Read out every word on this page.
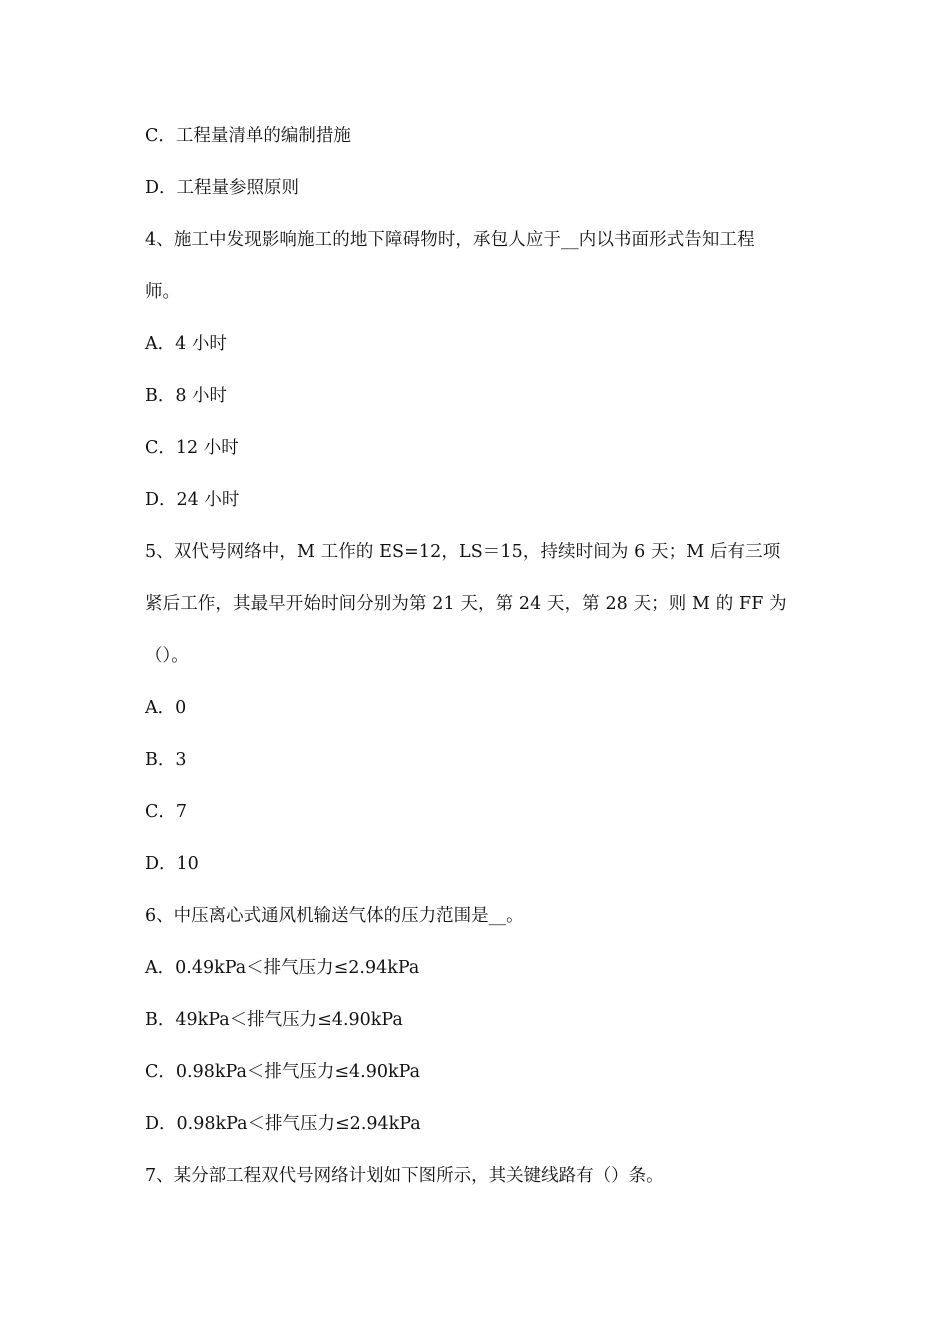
C．工程量清单的编制措施
D．工程量参照原则
4、施工中发现影响施工的地下障碍物时，承包人应于__内以书面形式告知工程
师。
A．4 小时
B．8 小时
C．12 小时
D．24 小时
5、双代号网络中，M 工作的 ES=12，LS＝15，持续时间为 6 天；M 后有三项
紧后工作，其最早开始时间分别为第 21 天，第 24 天，第 28 天；则 M 的 FF 为
（）。
A．0
B．3
C．7
D．10
6、中压离心式通风机输送气体的压力范围是__。
A．0.49kPa＜排气压力≤2.94kPa
B．49kPa＜排气压力≤4.90kPa
C．0.98kPa＜排气压力≤4.90kPa
D．0.98kPa＜排气压力≤2.94kPa
7、某分部工程双代号网络计划如下图所示，其关键线路有（）条。
